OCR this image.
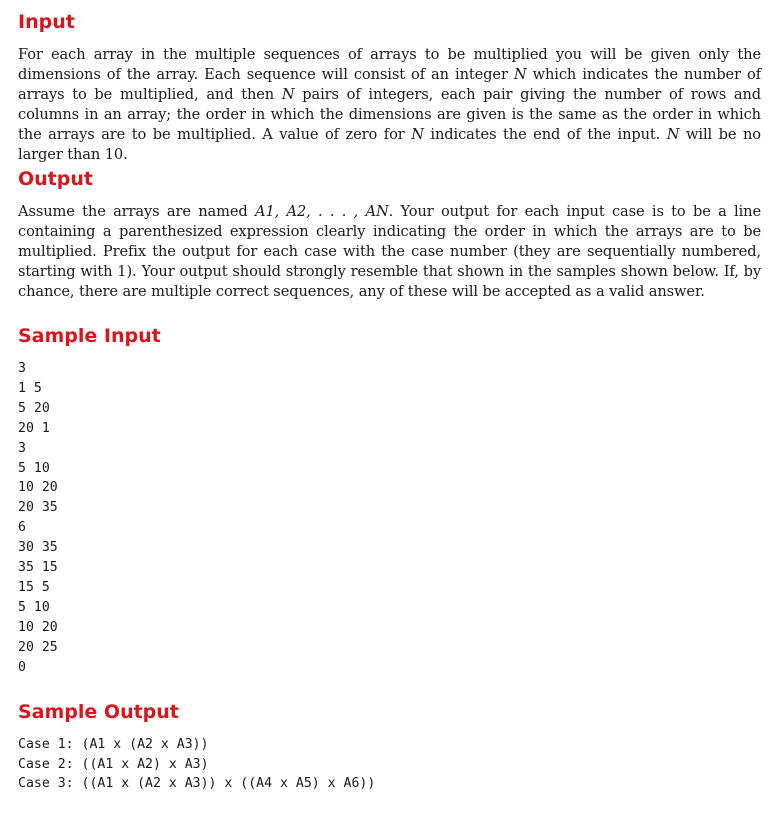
Input

For each array in the multiple sequences of arrays to be multiplied you will be given only the dimensions of the array. Each sequence will consist of an integer N which indicates the number of arrays to be multiplied, and then N pairs of integers, each pair giving the number of rows and columns in an array; the order in which the dimensions are given is the same as the order in which the arrays are to be multiplied. A value of zero for N indicates the end of the input. N will be no larger than 10.

Output

Assume the arrays are named A1, A2, . . . , AN. Your output for each input case is to be a line containing a parenthesized expression clearly indicating the order in which the arrays are to be multiplied. Prefix the output for each case with the case number (they are sequentially numbered, starting with 1). Your output should strongly resemble that shown in the samples shown below. If, by chance, there are multiple correct sequences, any of these will be accepted as a valid answer.

Sample Input
3
1 5
5 20
20 1
3
5 10
10 20
20 35
6
30 35
35 15
15 5
5 10
10 20
20 25
0
Sample Output
Case 1: (A1 x (A2 x A3))
Case 2: ((A1 x A2) x A3)
Case 3: ((A1 x (A2 x A3)) x ((A4 x A5) x A6))
